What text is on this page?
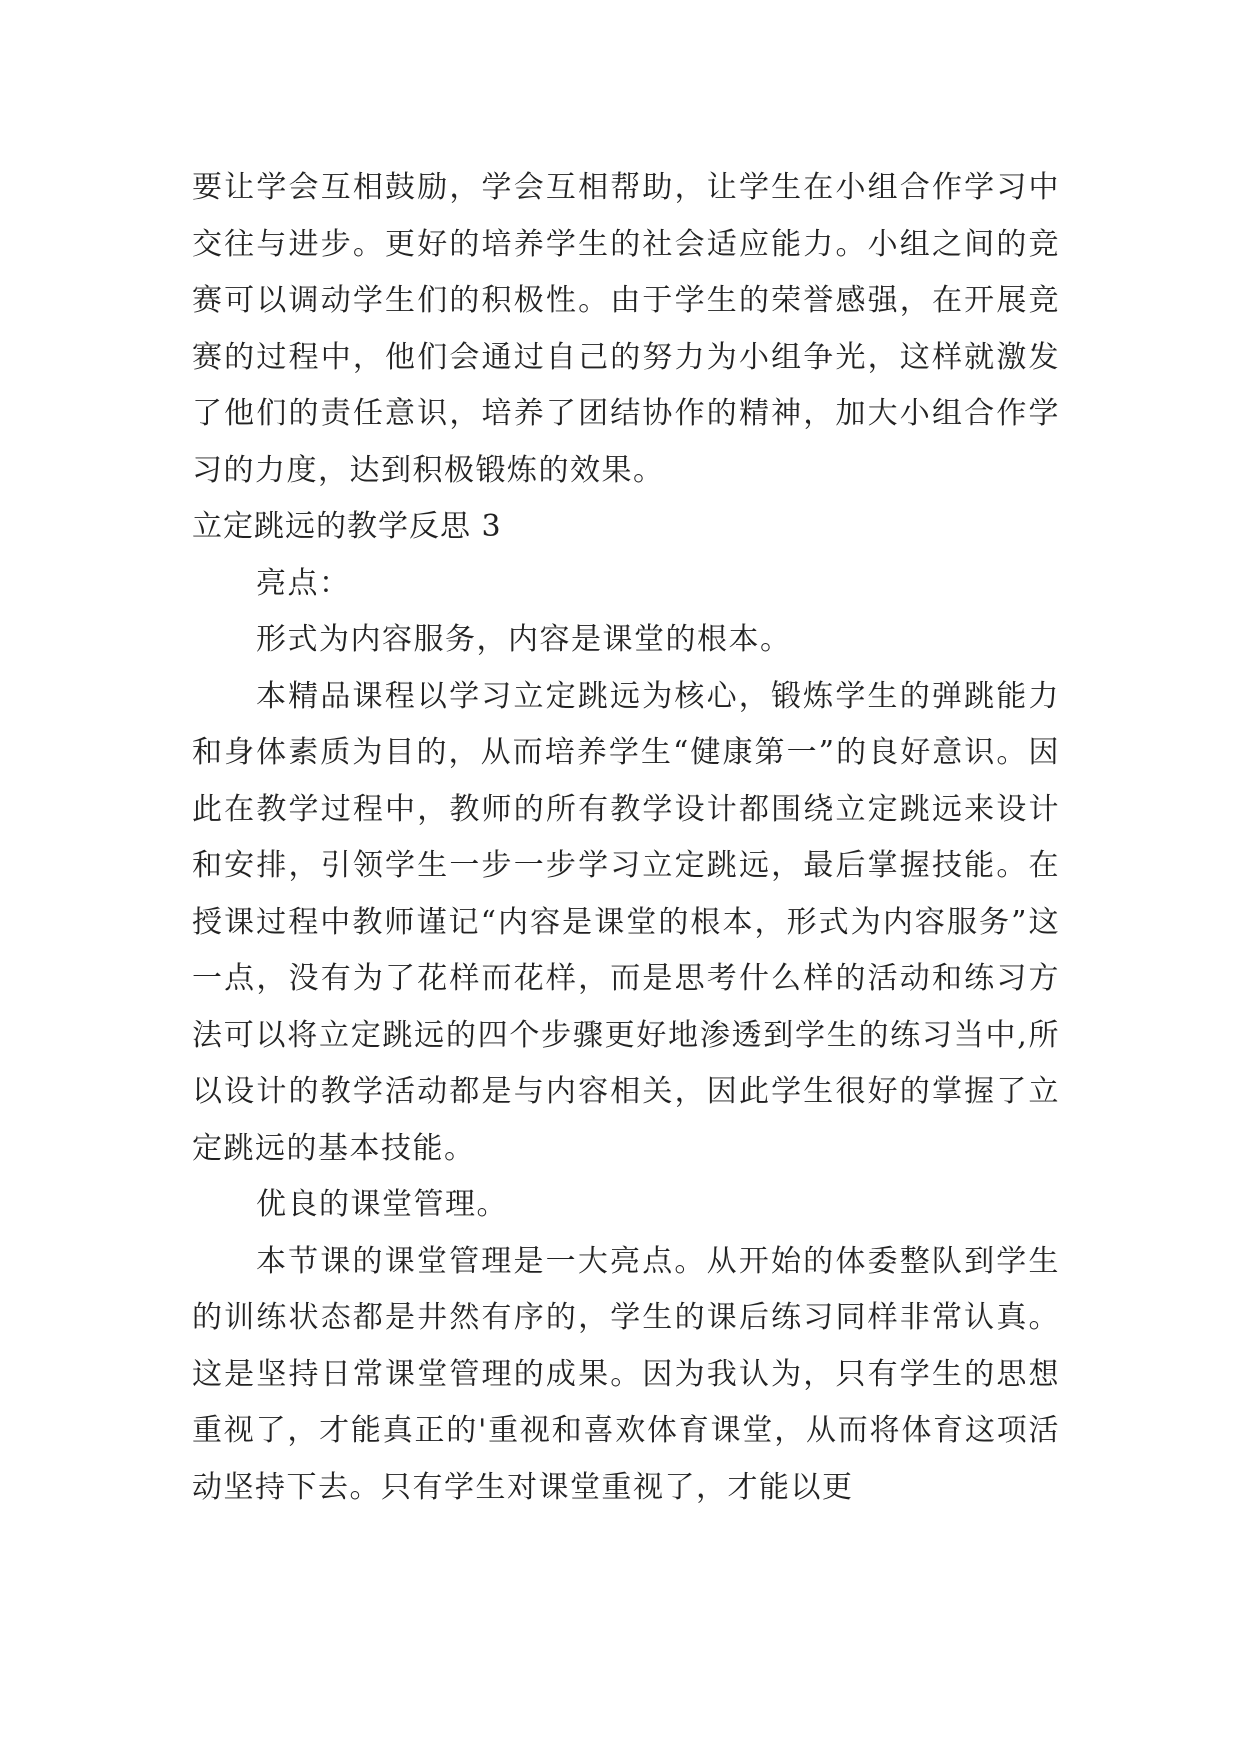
要让学会互相鼓励，学会互相帮助，让学生在小组合作学习中交往与进步。更好的培养学生的社会适应能力。小组之间的竞赛可以调动学生们的积极性。由于学生的荣誉感强，在开展竞赛的过程中，他们会通过自己的努力为小组争光，这样就激发了他们的责任意识，培养了团结协作的精神，加大小组合作学习的力度，达到积极锻炼的效果。

立定跳远的教学反思 3

亮点：

形式为内容服务，内容是课堂的根本。

本精品课程以学习立定跳远为核心，锻炼学生的弹跳能力和身体素质为目的，从而培养学生“健康第一”的良好意识。因此在教学过程中，教师的所有教学设计都围绕立定跳远来设计和安排，引领学生一步一步学习立定跳远，最后掌握技能。在授课过程中教师谨记“内容是课堂的根本，形式为内容服务”这一点，没有为了花样而花样，而是思考什么样的活动和练习方法可以将立定跳远的四个步骤更好地渗透到学生的练习当中,所以设计的教学活动都是与内容相关，因此学生很好的掌握了立定跳远的基本技能。

优良的课堂管理。

本节课的课堂管理是一大亮点。从开始的体委整队到学生的训练状态都是井然有序的，学生的课后练习同样非常认真。这是坚持日常课堂管理的成果。因为我认为，只有学生的思想重视了，才能真正的'重视和喜欢体育课堂，从而将体育这项活动坚持下去。只有学生对课堂重视了，才能以更
